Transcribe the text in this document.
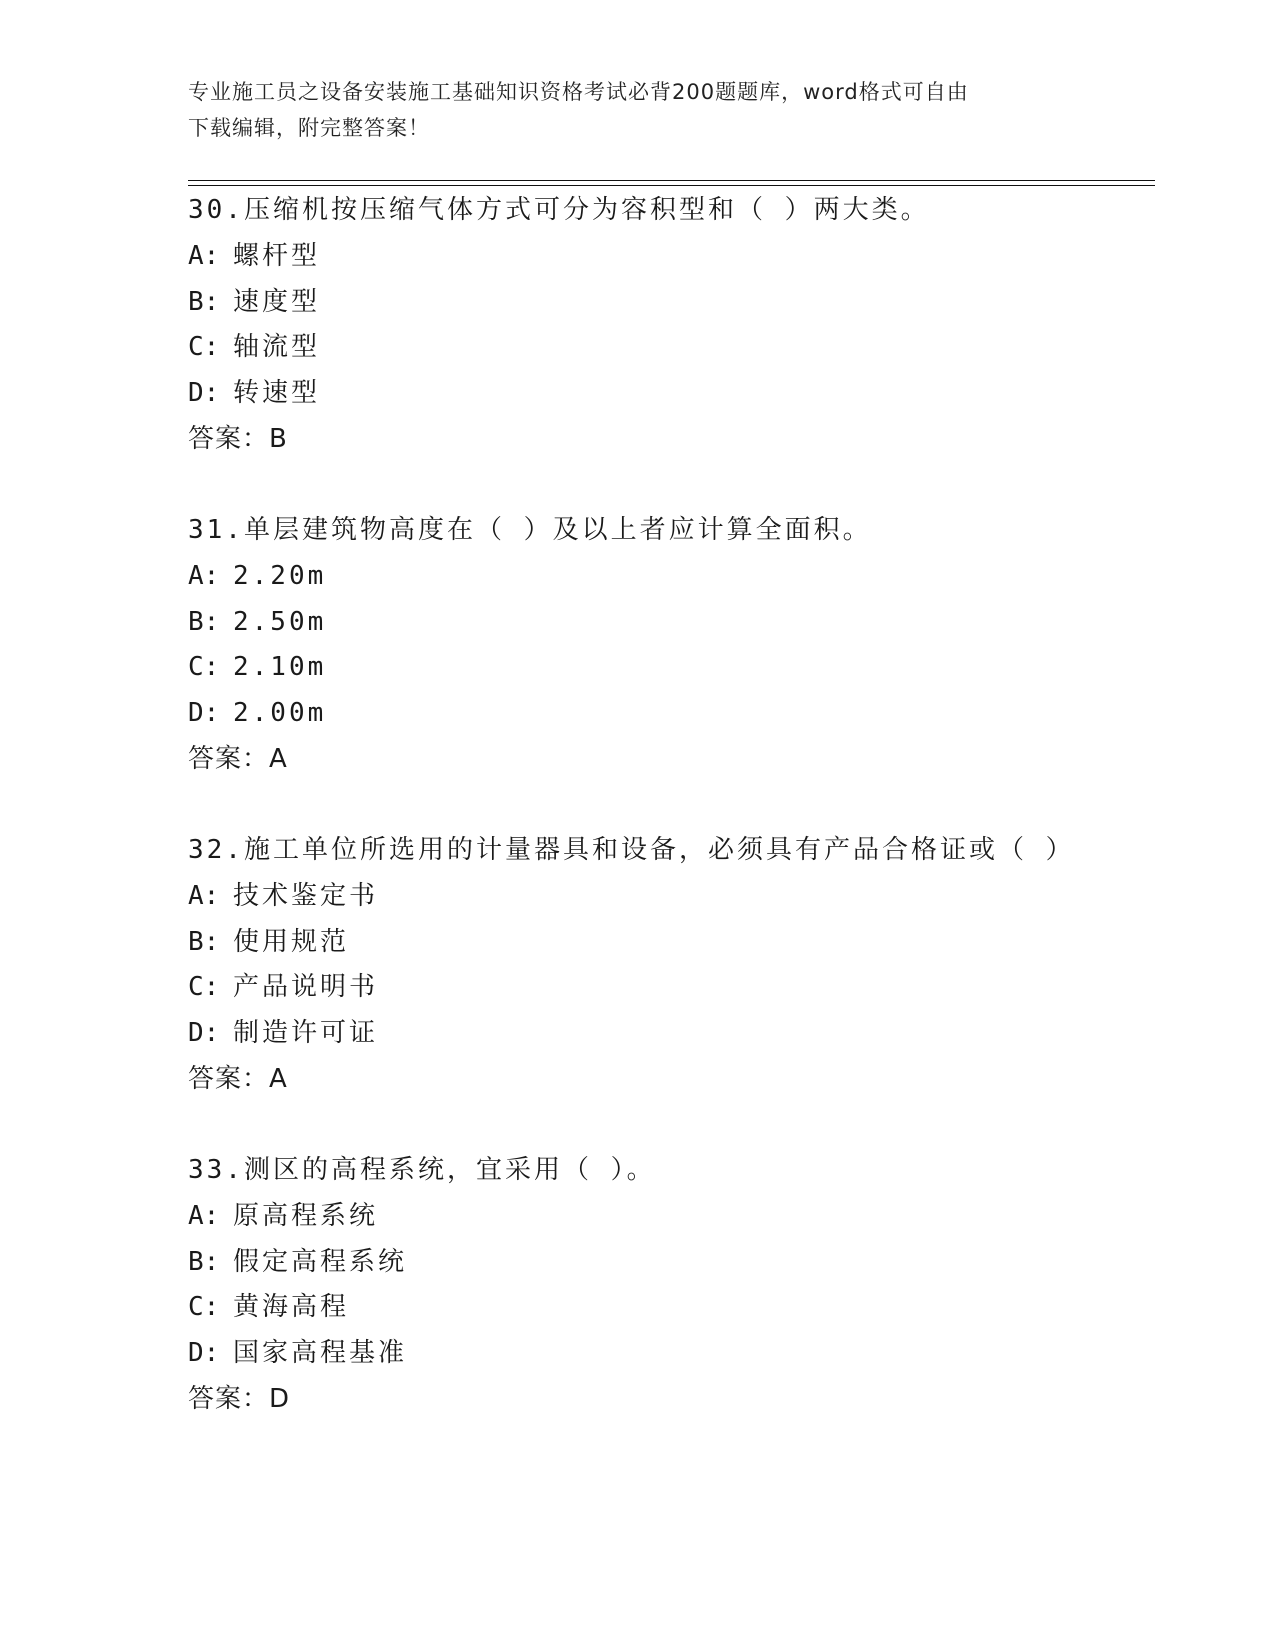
专业施工员之设备安装施工基础知识资格考试必背200题题库，word格式可自由

下载编辑，附完整答案！

30.压缩机按压缩气体方式可分为容积型和（ ）两大类。
A: 螺杆型
B: 速度型
C: 轴流型
D: 转速型
答案：B
31.单层建筑物高度在（ ）及以上者应计算全面积。
A: 2.20m
B: 2.50m
C: 2.10m
D: 2.00m
答案：A
32.施工单位所选用的计量器具和设备，必须具有产品合格证或（ ）
A: 技术鉴定书
B: 使用规范
C: 产品说明书
D: 制造许可证
答案：A
33.测区的高程系统，宜采用（ ）。
A: 原高程系统
B: 假定高程系统
C: 黄海高程
D: 国家高程基准
答案：D
